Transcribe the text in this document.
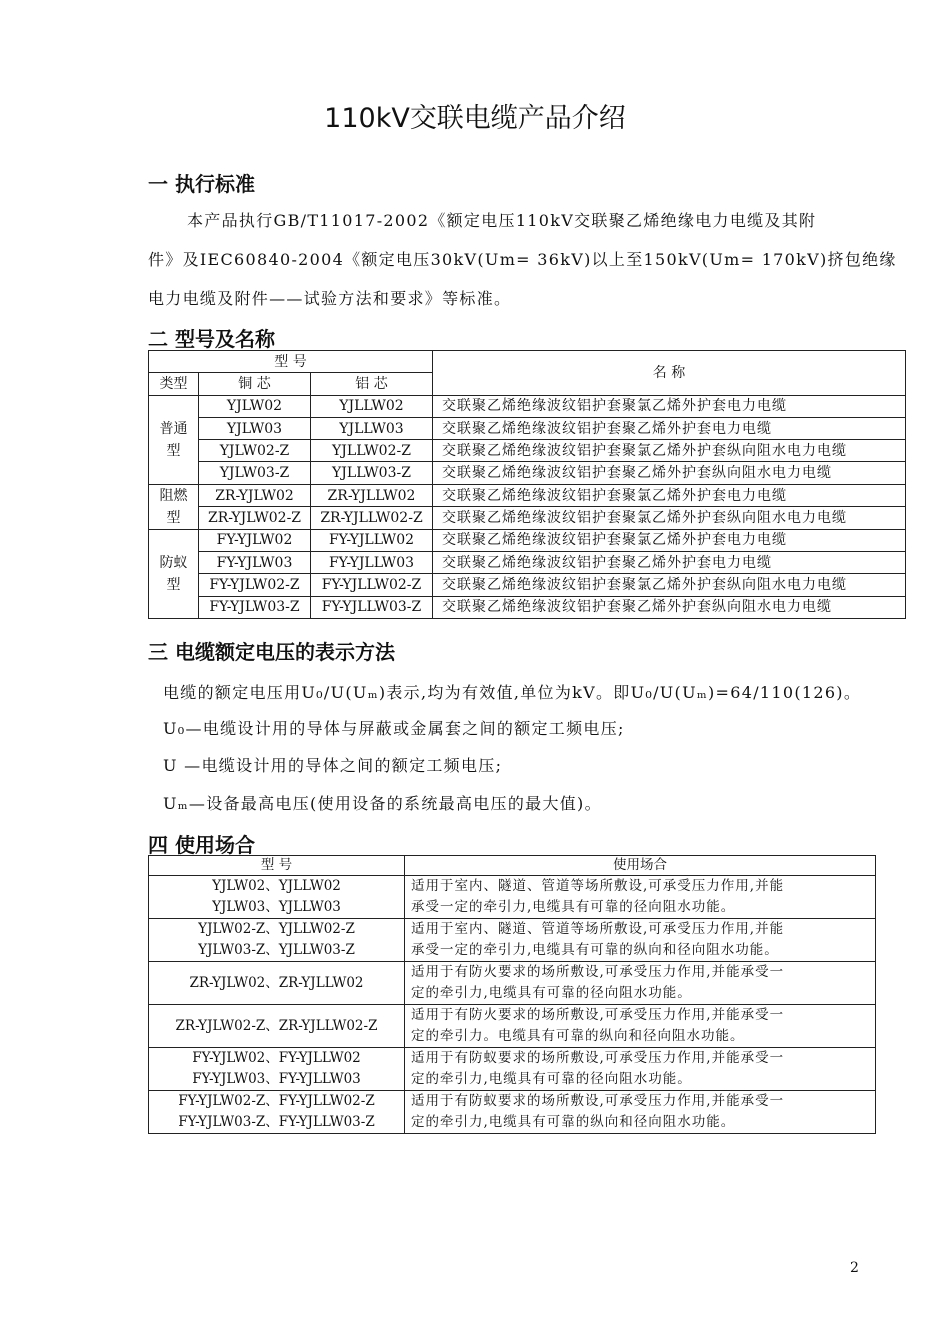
110kV交联电缆产品介绍
一 执行标准
本产品执行GB/T11017-2002《额定电压110kV交联聚乙烯绝缘电力电缆及其附
件》及IEC60840-2004《额定电压30kV(Um= 36kV)以上至150kV(Um= 170kV)挤包绝缘
电力电缆及附件——试验方法和要求》等标准。
二 型号及名称
型 号			名 称
类型	铜 芯	铝 芯	
普通型	YJLW02	YJLLW02	交联聚乙烯绝缘波纹铝护套聚氯乙烯外护套电力电缆
	YJLW03	YJLLW03	交联聚乙烯绝缘波纹铝护套聚乙烯外护套电力电缆
	YJLW02-Z	YJLLW02-Z	交联聚乙烯绝缘波纹铝护套聚氯乙烯外护套纵向阻水电力电缆
	YJLW03-Z	YJLLW03-Z	交联聚乙烯绝缘波纹铝护套聚乙烯外护套纵向阻水电力电缆
阻燃型	ZR-YJLW02	ZR-YJLLW02	交联聚乙烯绝缘波纹铝护套聚氯乙烯外护套电力电缆
	ZR-YJLW02-Z	ZR-YJLLW02-Z	交联聚乙烯绝缘波纹铝护套聚氯乙烯外护套纵向阻水电力电缆
防蚁型	FY-YJLW02	FY-YJLLW02	交联聚乙烯绝缘波纹铝护套聚氯乙烯外护套电力电缆
	FY-YJLW03	FY-YJLLW03	交联聚乙烯绝缘波纹铝护套聚乙烯外护套电力电缆
	FY-YJLW02-Z	FY-YJLLW02-Z	交联聚乙烯绝缘波纹铝护套聚氯乙烯外护套纵向阻水电力电缆
	FY-YJLW03-Z	FY-YJLLW03-Z	交联聚乙烯绝缘波纹铝护套聚乙烯外护套纵向阻水电力电缆
三 电缆额定电压的表示方法
电缆的额定电压用U₀/U(Uₘ)表示,均为有效值,单位为kV。即U₀/U(Uₘ)=64/110(126)。
U₀—电缆设计用的导体与屏蔽或金属套之间的额定工频电压;
U —电缆设计用的导体之间的额定工频电压;
Uₘ—设备最高电压(使用设备的系统最高电压的最大值)。
四 使用场合
型 号	使用场合

YJLW02、YJLLW02
YJLW03、YJLLW03	适用于室内、隧道、管道等场所敷设,可承受压力作用,并能
承受一定的牵引力,电缆具有可靠的径向阻水功能。

YJLW02-Z、YJLLW02-Z
YJLW03-Z、YJLLW03-Z	适用于室内、隧道、管道等场所敷设,可承受压力作用,并能
承受一定的牵引力,电缆具有可靠的纵向和径向阻水功能。

ZR-YJLW02、ZR-YJLLW02	适用于有防火要求的场所敷设,可承受压力作用,并能承受一
定的牵引力,电缆具有可靠的径向阻水功能。

ZR-YJLW02-Z、ZR-YJLLW02-Z	适用于有防火要求的场所敷设,可承受压力作用,并能承受一
定的牵引力。电缆具有可靠的纵向和径向阻水功能。

FY-YJLW02、FY-YJLLW02
FY-YJLW03、FY-YJLLW03	适用于有防蚁要求的场所敷设,可承受压力作用,并能承受一
定的牵引力,电缆具有可靠的径向阻水功能。

FY-YJLW02-Z、FY-YJLLW02-Z
FY-YJLW03-Z、FY-YJLLW03-Z	适用于有防蚁要求的场所敷设,可承受压力作用,并能承受一
定的牵引力,电缆具有可靠的纵向和径向阻水功能。
2
